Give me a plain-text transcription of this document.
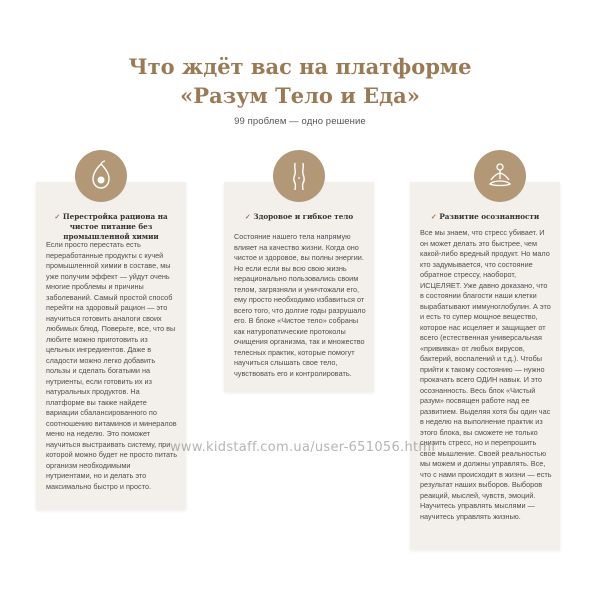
Что ждёт вас на платформе
«Разум Тело и Еда»
99 проблем — одно решение
✓ Перестройка рациона на чистое питание без промышленной химии
Если просто перестать есть переработанные продукты с кучей промышленной химии в составе, мы уже получим эффект — уйдут очень многие проблемы и причины заболеваний. Самый простой способ перейти на здоровый рацион — это научиться готовить аналоги своих любимых блюд. Поверьте, все, что вы любите можно приготовить из цельных ингредиентов. Даже в сладости можно легко добавить пользы и сделать богатыми на нутриенты, если готовить их из натуральных продуктов. На платформе вы также найдете вариации сбалансированного по соотношению витаминов и минералов меню на неделю. Это поможет научиться выстраивать систему, при которой можно будет не просто питать организм необходимыми нутриентами, но и делать это максимально быстро и просто.
✓ Здоровое и гибкое тело
Состояние нашего тела напрямую влияет на качество жизни. Когда оно чистое и здоровое, вы полны энергии. Но если если вы всю свою жизнь нерационально пользовались своим телом, загрязняли и уничтожали его, ему просто необходимо избавиться от всего того, что долгие годы разрушало его. В блоке «Чистое тело» собраны как натуропатические протоколы очищения организма, так и множество телесных практик, которые помогут научиться слышать свое тело, чувствовать его и контролировать.
✓ Развитие осознанности
Все мы знаем, что стресс убивает. И он может делать это быстрее, чем какой-либо вредный продукт. Но мало кто задумывается, что состояние обратное стрессу, наоборот, ИСЦЕЛЯЕТ. Уже давно доказано, что в состоянии благости наши клетки вырабатывают иммуноглобулин. А это и есть то супер мощное вещество, которое нас исцеляет и защищает от всего (естественная универсальная «прививка» от любых вирусов, бактерий, воспалений и т.д.). Чтобы прийти к такому состоянию — нужно прокачать всего ОДИН навык. И это осознанность. Весь блок «Чистый разум» посвящен работе над ее развитием. Выделяя хотя бы один час в неделю на выполнение практик из этого блока, вы сможете не только снизить стресс, но и перепрошить свое мышление. Своей реальностью мы можем и должны управлять. Все, что с нами происходит в жизни — есть результат наших выборов. Выборов реакций, мыслей, чувств, эмоций. Научитесь управлять мыслями — научитесь управлять жизнью.
www.kidstaff.com.ua/user-651056.html
